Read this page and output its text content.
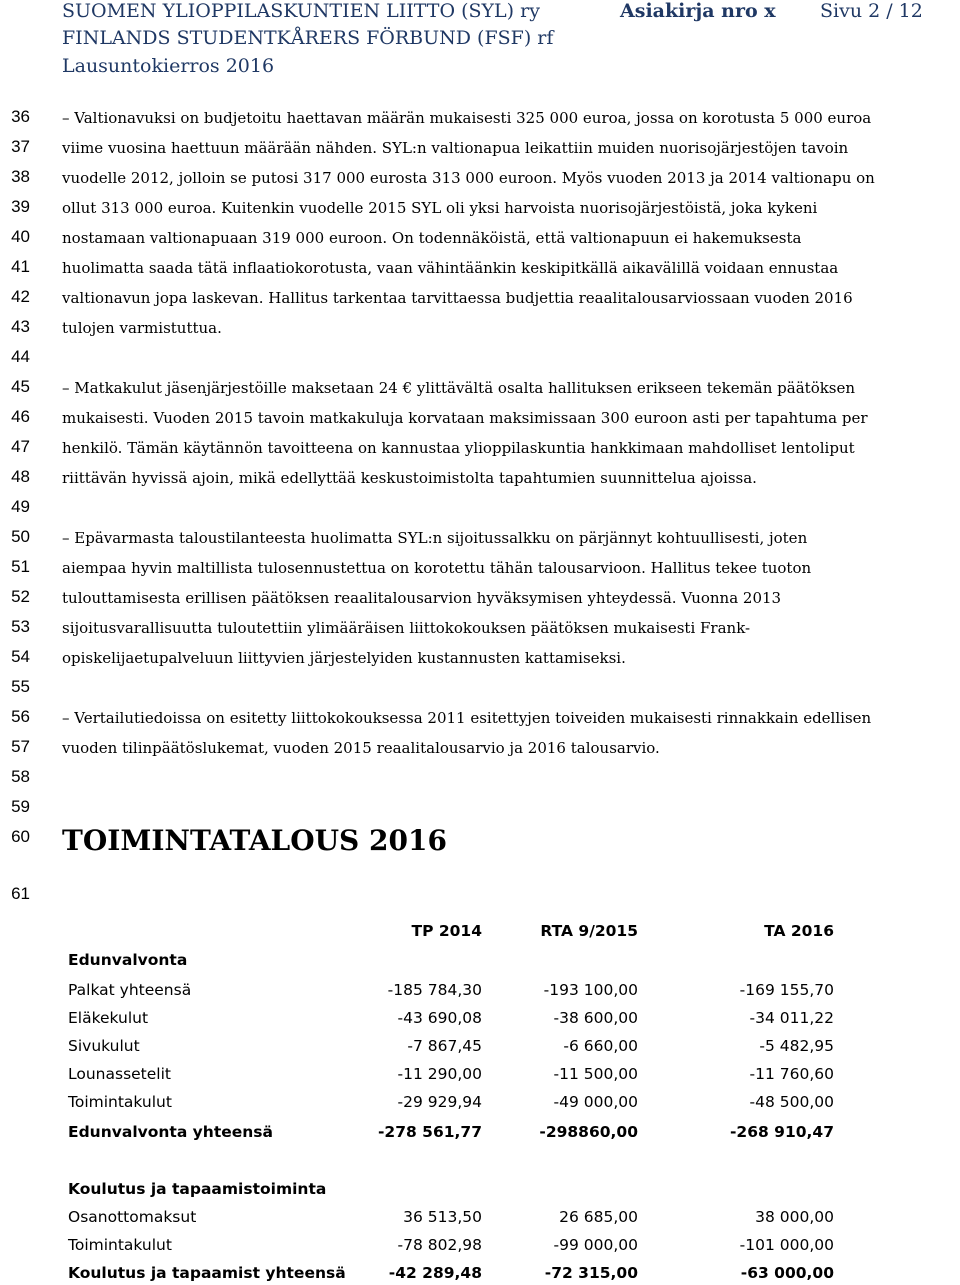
SUOMEN YLIOPPILASKUNTIEN LIITTO (SYL) ry
FINLANDS STUDENTKÅRERS FÖRBUND (FSF) rf
Lausuntokierros 2016
Asiakirja nro x Sivu 2 / 12
36
37
38
39
40
41
42
43
44
45
46
47
48
49
50
51
52
53
54
55
56
57
58
59
60
61
– Valtionavuksi on budjetoitu haettavan määrän mukaisesti 325 000 euroa, jossa on korotusta 5 000 euroa
viime vuosina haettuun määrään nähden. SYL:n valtionapua leikattiin muiden nuorisojärjestöjen tavoin
vuodelle 2012, jolloin se putosi 317 000 eurosta 313 000 euroon. Myös vuoden 2013 ja 2014 valtionapu on
ollut 313 000 euroa. Kuitenkin vuodelle 2015 SYL oli yksi harvoista nuorisojärjestöistä, joka kykeni
nostamaan valtionapuaan 319 000 euroon. On todennäköistä, että valtionapuun ei hakemuksesta
huolimatta saada tätä inflaatiokorotusta, vaan vähintäänkin keskipitkällä aikavälillä voidaan ennustaa
valtionavun jopa laskevan. Hallitus tarkentaa tarvittaessa budjettia reaalitalousarviossaan vuoden 2016
tulojen varmistuttua.
– Matkakulut jäsenjärjestöille maksetaan 24 € ylittävältä osalta hallituksen erikseen tekemän päätöksen
mukaisesti. Vuoden 2015 tavoin matkakuluja korvataan maksimissaan 300 euroon asti per tapahtuma per
henkilö. Tämän käytännön tavoitteena on kannustaa ylioppilaskuntia hankkimaan mahdolliset lentoliput
riittävän hyvissä ajoin, mikä edellyttää keskustoimistolta tapahtumien suunnittelua ajoissa.
– Epävarmasta taloustilanteesta huolimatta SYL:n sijoitussalkku on pärjännyt kohtuullisesti, joten
aiempaa hyvin maltillista tulosennustettua on korotettu tähän talousarvioon. Hallitus tekee tuoton
tulouttamisesta erillisen päätöksen reaalitalousarvion hyväksymisen yhteydessä. Vuonna 2013
sijoitusvarallisuutta tuloutettiin ylimääräisen liittokokouksen päätöksen mukaisesti Frank-
opiskelijaetupalveluun liittyvien järjestelyiden kustannusten kattamiseksi.
– Vertailutiedoissa on esitetty liittokokouksessa 2011 esitettyjen toiveiden mukaisesti rinnakkain edellisen
vuoden tilinpäätöslukemat, vuoden 2015 reaalitalousarvio ja 2016 talousarvio.
TOIMINTATALOUS 2016
TP 2014	RTA 9/2015	TA 2016
Edunvalvonta
Palkat yhteensä	-185 784,30	-193 100,00	-169 155,70
Eläkekulut	-43 690,08	-38 600,00	-34 011,22
Sivukulut	-7 867,45	-6 660,00	-5 482,95
Lounassetelit	-11 290,00	-11 500,00	-11 760,60
Toimintakulut	-29 929,94	-49 000,00	-48 500,00
Edunvalvonta yhteensä	-278 561,77	-298860,00	-268 910,47
Koulutus ja tapaamistoiminta
Osanottomaksut	36 513,50	26 685,00	38 000,00
Toimintakulut	-78 802,98	-99 000,00	-101 000,00
Koulutus ja tapaamist yhteensä	-42 289,48	-72 315,00	-63 000,00
